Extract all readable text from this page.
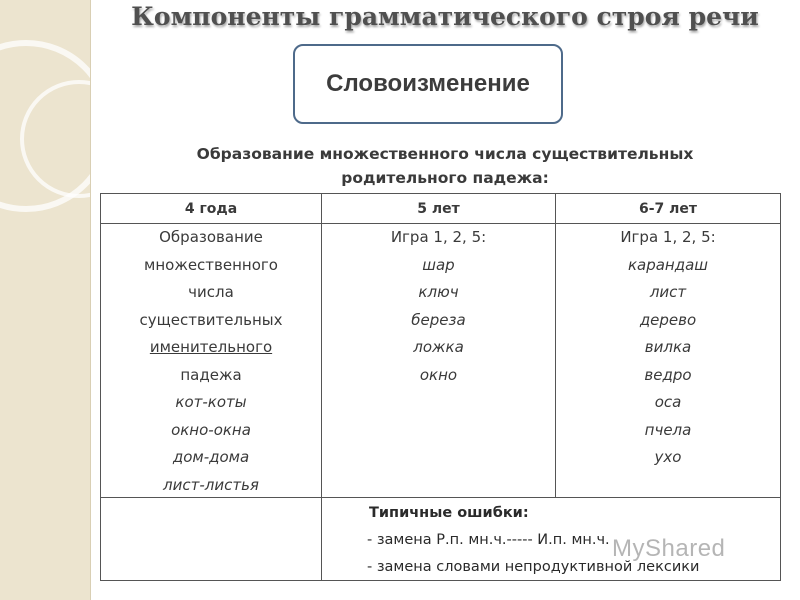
Компоненты грамматического строя речи
Словоизменение
Образование множественного числа существительных
родительного падежа:
4 года	5 лет	6-7 лет
Образование
множественного
числа
существительных
именительного
падежа
кот-коты
окно-окна
дом-дома
лист-листья
Игра 1, 2, 5:
шар
ключ
береза
ложка
окно
Игра 1, 2, 5:
карандаш
лист
дерево
вилка
ведро
оса
пчела
ухо
Типичные ошибки:
- замена Р.п. мн.ч.----- И.п. мн.ч.
- замена словами непродуктивной лексики
MyShared
